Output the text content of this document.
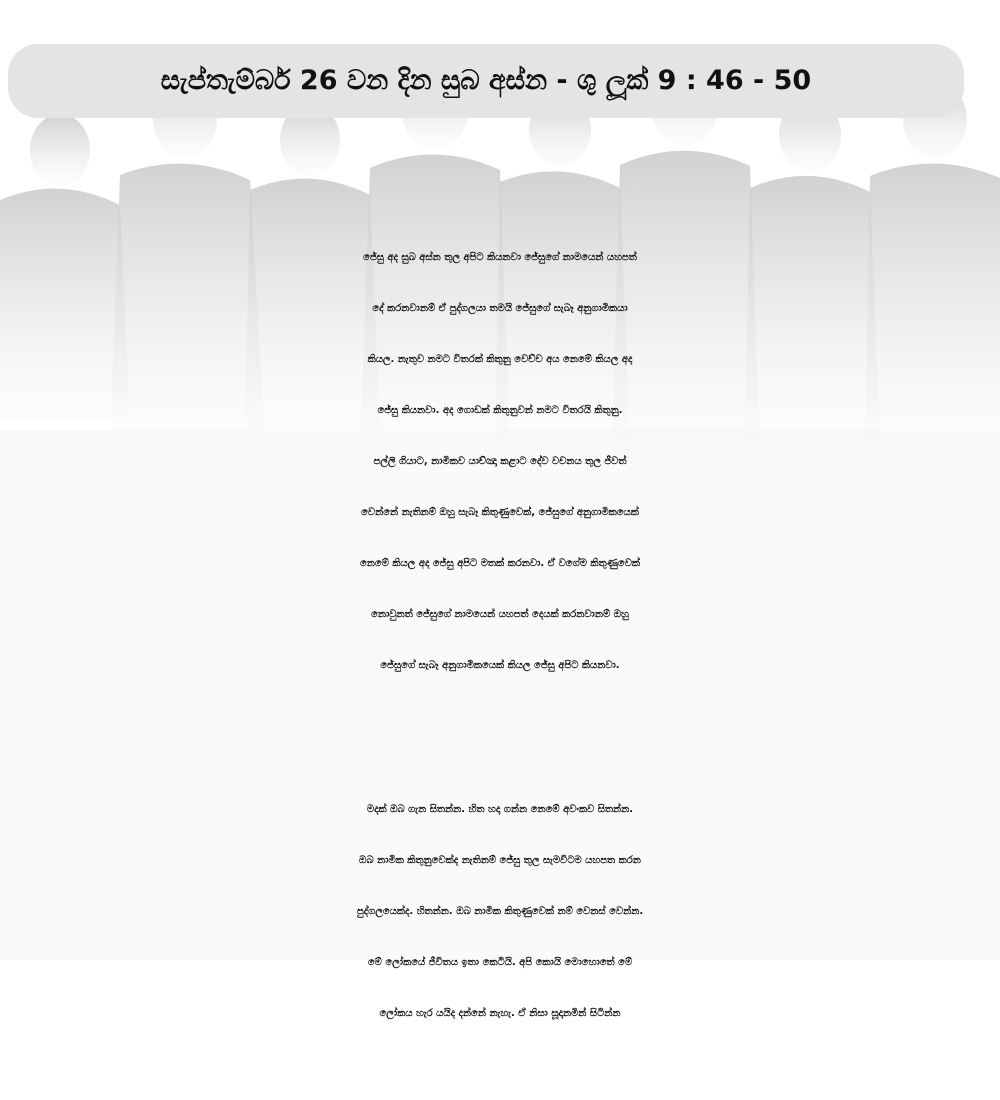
සැප්තැම්බර් 26 වන දින සුබ අස්න - ශු ලූක් 9 : 46 - 50
ජේසු අද සුබ අස්න තුල අපිට කියනවා ජේසුගේ නාමයෙන් යහපත්
දේ කරනවානම් ඒ පුද්ගලයා තමයි ජේසුගේ සැබෑ අනුගාමිකයා
කියල. නැතුව නමට විතරක් කිතුනු වෙච්ච අය නෙමේ කියල අද
ජේසු කියනවා. අද ගොඩක් කිතුනුවන් නමට විතරයි කිතුනු.
පල්ලි ගියාට, නාමිකව යාච්ඤා කළාට දේව වචනය තුල ජීවත්
වෙන්නේ නැතිනම් ඔහු සැබෑ කිතුණුවෙක්, ජේසුගේ අනුගාමිකයෙක්
නෙමේ කියල අද ජේසු අපිට මතක් කරනවා. ඒ වගේම කිතුණුවෙක්
නොවුනත් ජේසුගේ නාමයෙන් යහපත් දෙයක් කරනවානම් ඔහු
ජේසුගේ සැබෑ අනුගාමිකයෙක් කියල ජේසු අපිට කියනවා.
මදක් ඔබ ගැන සිතන්න. හිත හදා ගන්න නෙමේ අවංකව සිතන්න.
ඔබ නාමික කිතුනුවෙක්ද නැතිනම් ජේසු තුල සැමවිටම යහපත කරන
පුද්ගලයෙක්ද. හිතන්න. ඔබ නාමික කිතුණුවෙක් නම් වෙනස් වෙන්න.
මේ ලෝකයේ ජීවිතය ඉතා කෙටියි. අපි කොයි මොහොතේ මේ
ලෝකය හැර යයිද දන්නේ නැහැ. ඒ නිසා සූදානමින් සිටින්න
